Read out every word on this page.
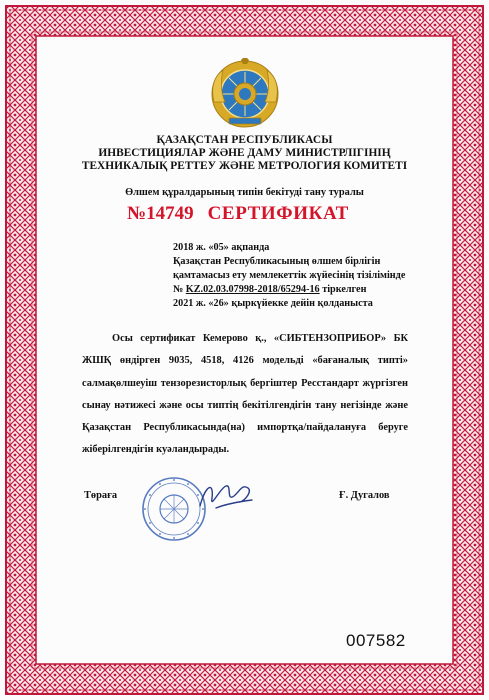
ҚАЗАҚСТАН РЕСПУБЛИКАСЫ
ИНВЕСТИЦИЯЛАР ЖӘНЕ ДАМУ МИНИСТРЛІГІНІҢ
ТЕХНИКАЛЫҚ РЕТТЕУ ЖӘНЕ МЕТРОЛОГИЯ КОМИТЕТІ
Өлшем құралдарының типін бекітуді тану туралы
№14749 СЕРТИФИКАТ
2018 ж. «05» ақпанда
Қазақстан Республикасының өлшем бірлігін
қамтамасыз ету мемлекеттік жүйесінің тізілімінде
№ KZ.02.03.07998-2018/65294-16 тіркелген
2021 ж. «26» қыркүйекке дейін қолданыста
Осы сертификат Кемерово қ., «СИБТЕНЗОПРИБОР» БК ЖШҚ өндірген 9035, 4518, 4126 модельді «бағаналық типті» салмақөлшеуіш тензорезисторлық бергіштер Ресстандарт жүргізген сынау нәтижесі және осы типтің бекітілгендігін тану негізінде және Қазақстан Республикасында(на) импортқа/пайдалануға беруге жіберілгендігін куәландырады.
Төраға	Ғ. Дугалов
007582
